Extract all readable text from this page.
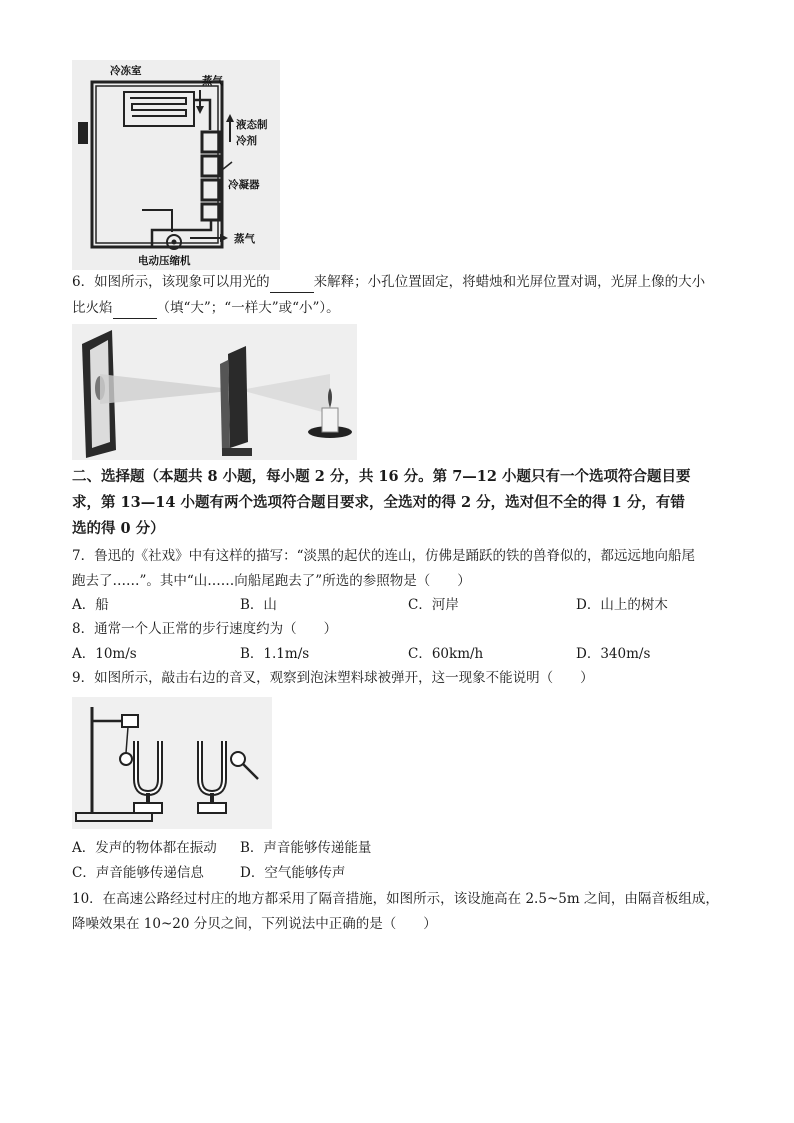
冷冻室
蒸气
液态制
冷剂
冷凝器
蒸气
电动压缩机
6．如图所示，该现象可以用光的	来解释；小孔位置固定，将蜡烛和光屏位置对调，光屏上像的大小
比火焰	（填“大”；“一样大”或“小”）。
二、选择题（本题共 8 小题，每小题 2 分，共 16 分。第 7—12 小题只有一个选项符合题目要
求，第 13—14 小题有两个选项符合题目要求，全选对的得 2 分，选对但不全的得 1 分，有错
选的得 0 分）
7．鲁迅的《社戏》中有这样的描写：“淡黑的起伏的连山，仿佛是踊跃的铁的兽脊似的，都远远地向船尾
跑去了……”。其中“山……向船尾跑去了”所选的参照物是（　　）
A．船	B．山	C．河岸	D．山上的树木
8．通常一个人正常的步行速度约为（　　）
A．10m/s	B．1.1m/s	C．60km/h	D．340m/s
9．如图所示，敲击右边的音叉，观察到泡沫塑料球被弹开，这一现象不能说明（　　）
A．发声的物体都在振动 B．声音能够传递能量
C．声音能够传递信息	D．空气能够传声
10．在高速公路经过村庄的地方都采用了隔音措施，如图所示，该设施高在 2.5~5m 之间，由隔音板组成，
降噪效果在 10~20 分贝之间，下列说法中正确的是（　　）
